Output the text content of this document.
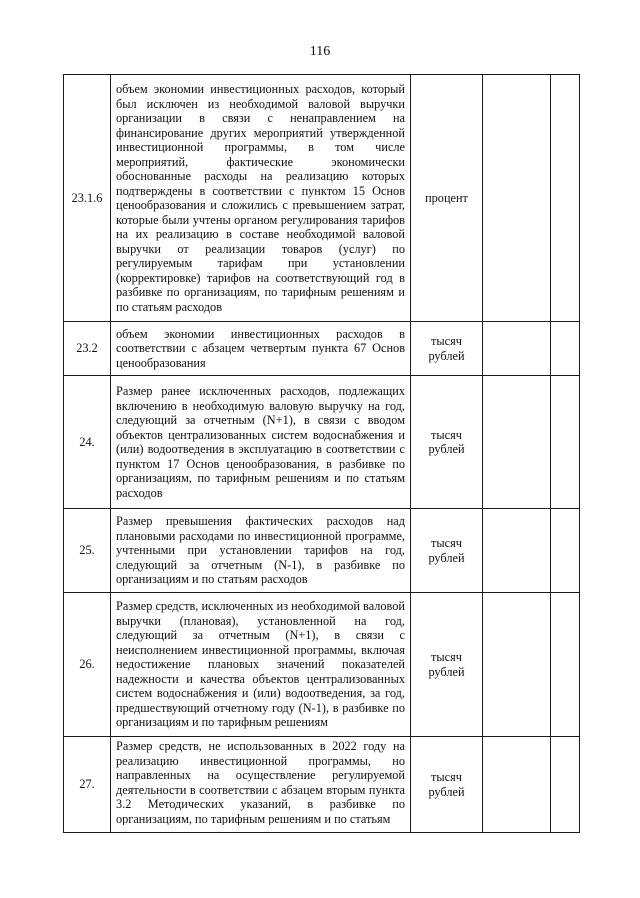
116
23.1.6	объем экономии инвестиционных расходов, который был исключен из необходимой валовой выручки организации в связи с ненаправлением на финансирование других мероприятий утвержденной инвестиционной программы, в том числе мероприятий, фактические экономически обоснованные расходы на реализацию которых подтверждены в соответствии с пунктом 15 Основ ценообразования и сложились с превышением затрат, которые были учтены органом регулирования тарифов на их реализацию в составе необходимой валовой выручки от реализации товаров (услуг) по регулируемым тарифам при установлении (корректировке) тарифов на соответствующий год в разбивке по организациям, по тарифным решениям и по статьям расходов	процент		

23.2	объем экономии инвестиционных расходов в соответствии с абзацем четвертым пункта 67 Основ ценообразования	тысяч рублей		

24.	Размер ранее исключенных расходов, подлежащих включению в необходимую валовую выручку на год, следующий за отчетным (N+1), в связи с вводом объектов централизованных систем водоснабжения и (или) водоотведения в эксплуатацию в соответствии с пунктом 17 Основ ценообразования, в разбивке по организациям, по тарифным решениям и по статьям расходов	тысяч рублей		

25.	Размер превышения фактических расходов над плановыми расходами по инвестиционной программе, учтенными при установлении тарифов на год, следующий за отчетным (N-1), в разбивке по организациям и по статьям расходов	тысяч рублей		

26.	Размер средств, исключенных из необходимой валовой выручки (плановая), установленной на год, следующий за отчетным (N+1), в связи с неисполнением инвестиционной программы, включая недостижение плановых значений показателей надежности и качества объектов централизованных систем водоснабжения и (или) водоотведения, за год, предшествующий отчетному году (N-1), в разбивке по организациям и по тарифным решениям	тысяч рублей		

27.	Размер средств, не использованных в 2022 году на реализацию инвестиционной программы, но направленных на осуществление регулируемой деятельности в соответствии с абзацем вторым пункта 3.2 Методических указаний, в разбивке по организациям, по тарифным решениям и по статьям	тысяч рублей		
